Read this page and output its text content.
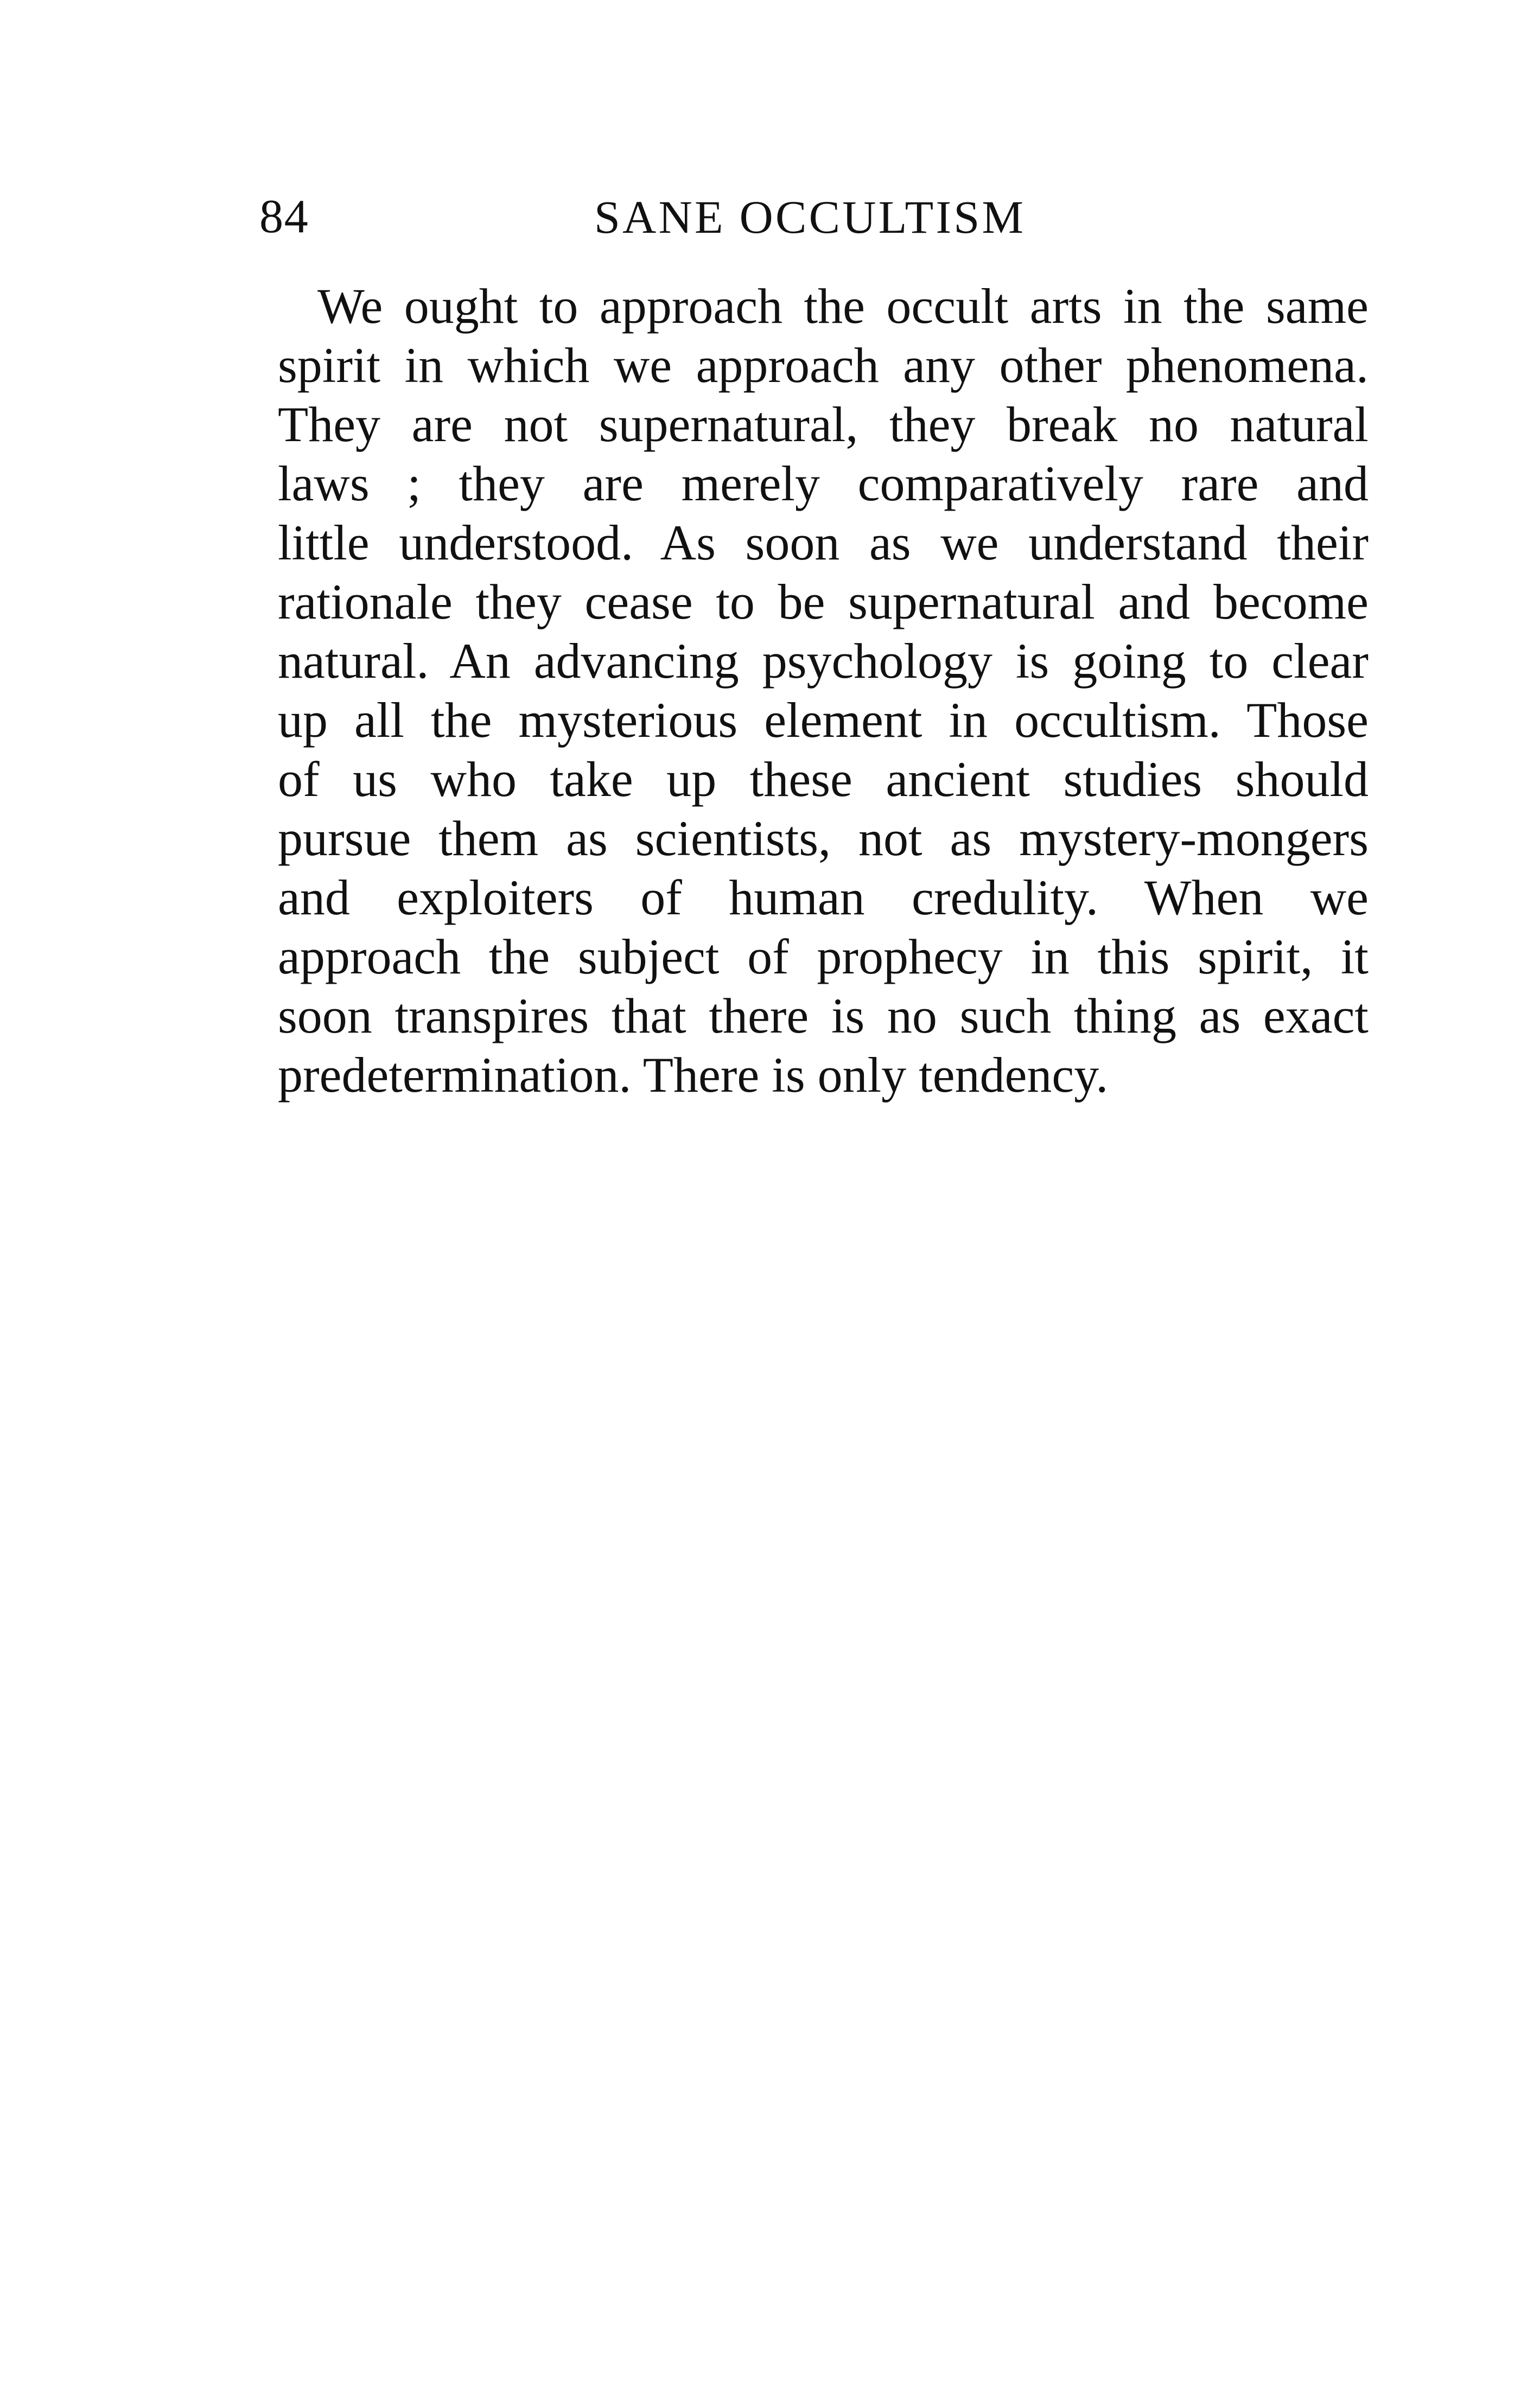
84	SANE OCCULTISM
We ought to approach the occult arts in the same
spirit in which we approach any other phenomena.
They are not supernatural, they break no natural
laws ; they are merely comparatively rare and
little understood. As soon as we understand their
rationale they cease to be supernatural and become
natural. An advancing psychology is going to clear
up all the mysterious element in occultism. Those
of us who take up these ancient studies should
pursue them as scientists, not as mystery-mongers
and exploiters of human credulity. When we
approach the subject of prophecy in this spirit, it
soon transpires that there is no such thing as exact
predetermination. There is only tendency.
